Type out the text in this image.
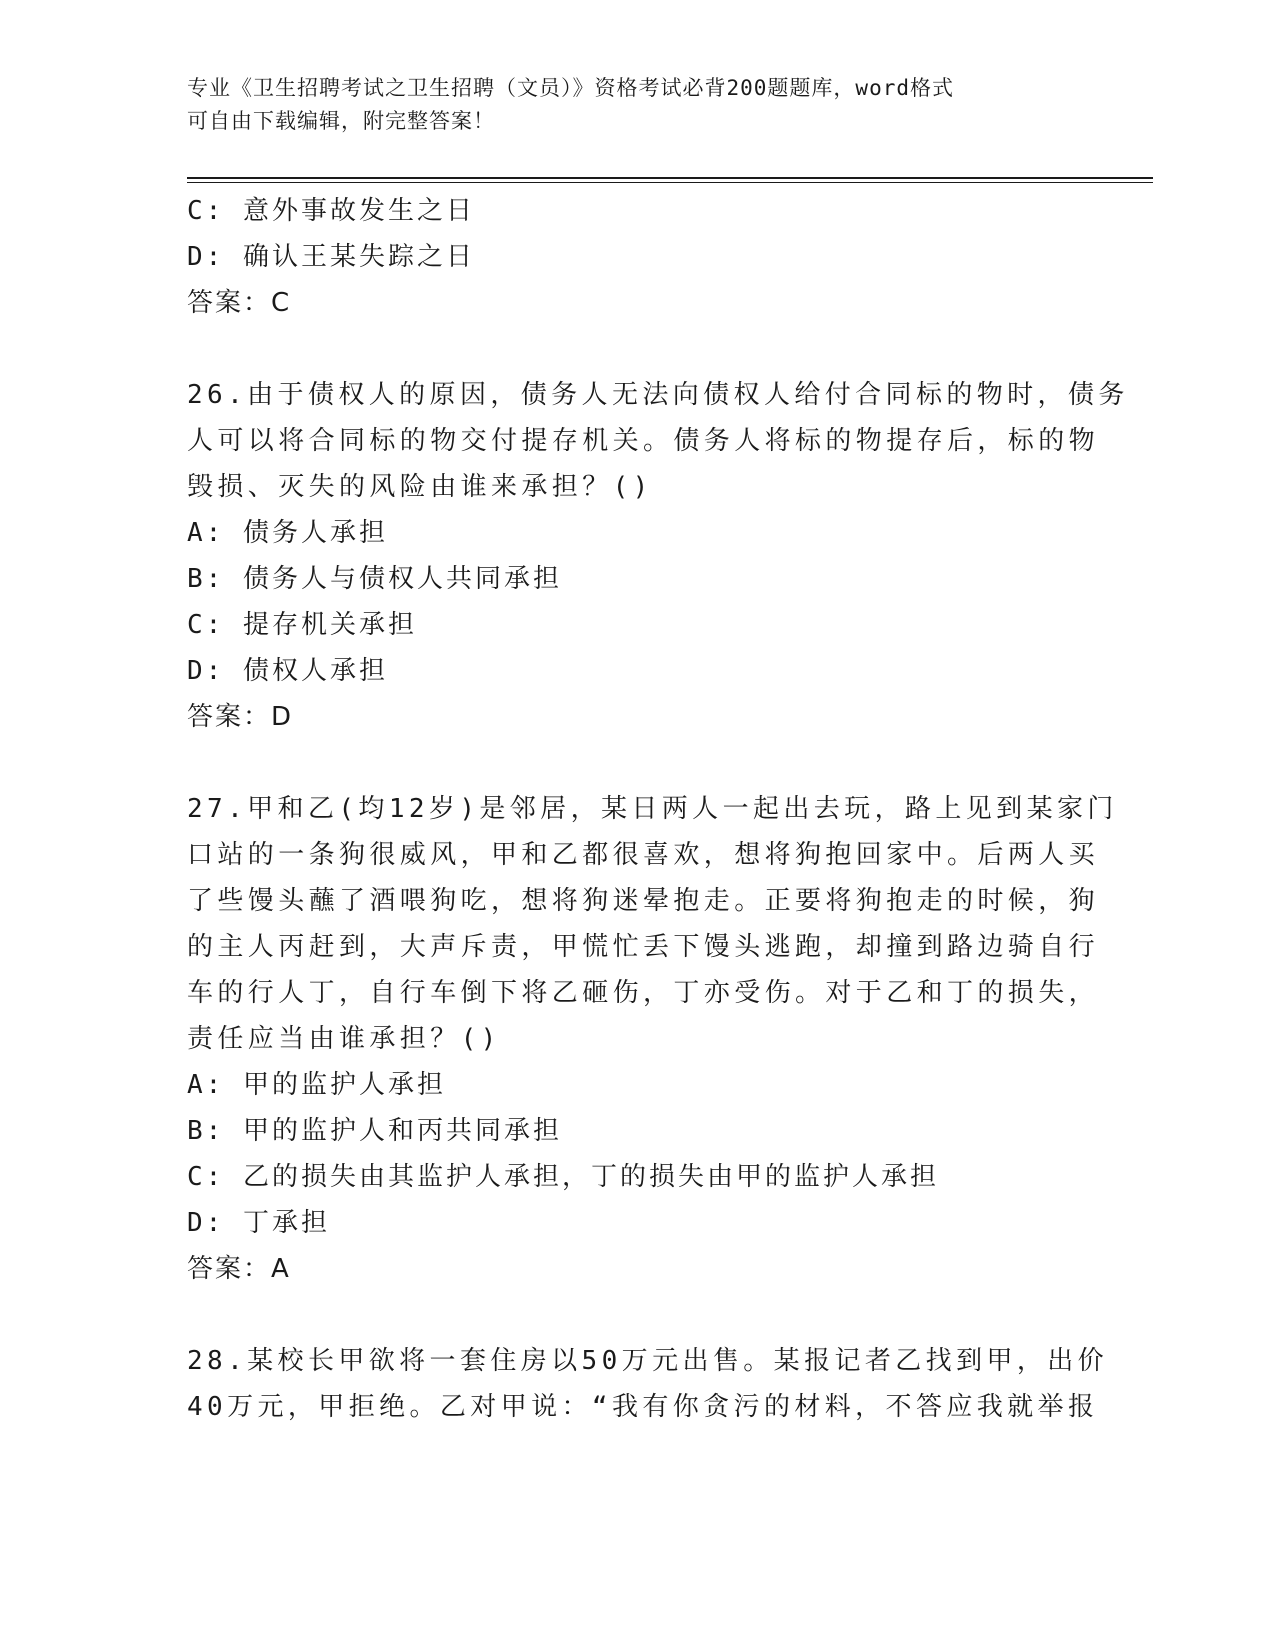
专业《卫生招聘考试之卫生招聘（文员）》资格考试必背200题题库，word格式
可自由下载编辑，附完整答案！
C: 意外事故发生之日
D: 确认王某失踪之日
答案：C
26.由于债权人的原因，债务人无法向债权人给付合同标的物时，债务
人可以将合同标的物交付提存机关。债务人将标的物提存后，标的物
毁损、灭失的风险由谁来承担？()
A: 债务人承担
B: 债务人与债权人共同承担
C: 提存机关承担
D: 债权人承担
答案：D
27.甲和乙(均12岁)是邻居，某日两人一起出去玩，路上见到某家门
口站的一条狗很威风，甲和乙都很喜欢，想将狗抱回家中。后两人买
了些馒头蘸了酒喂狗吃，想将狗迷晕抱走。正要将狗抱走的时候，狗
的主人丙赶到，大声斥责，甲慌忙丢下馒头逃跑，却撞到路边骑自行
车的行人丁，自行车倒下将乙砸伤，丁亦受伤。对于乙和丁的损失，
责任应当由谁承担？()
A: 甲的监护人承担
B: 甲的监护人和丙共同承担
C: 乙的损失由其监护人承担，丁的损失由甲的监护人承担
D: 丁承担
答案：A
28.某校长甲欲将一套住房以50万元出售。某报记者乙找到甲，出价
40万元，甲拒绝。乙对甲说：“我有你贪污的材料，不答应我就举报
